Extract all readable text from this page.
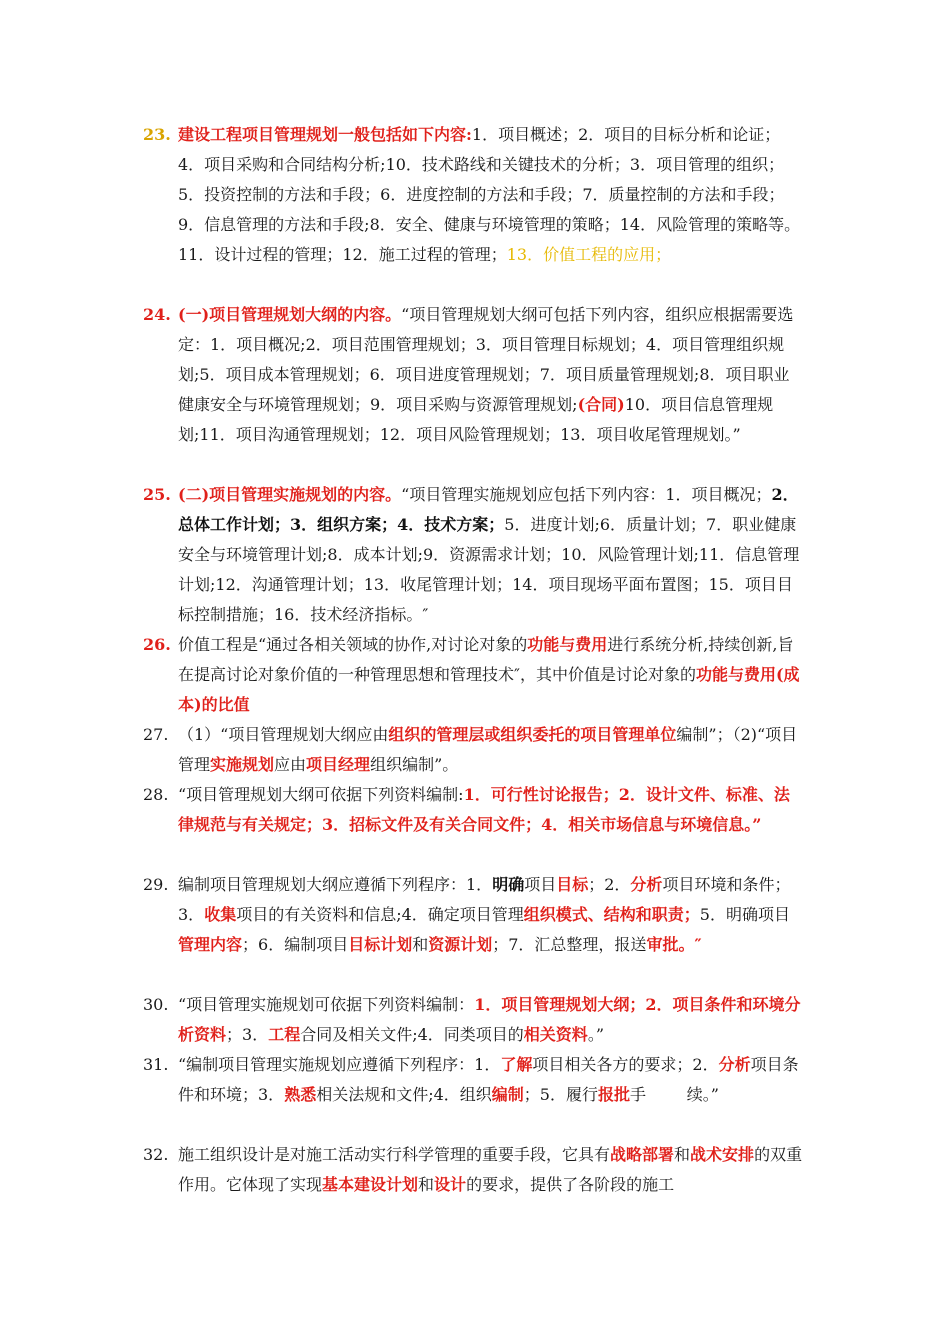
23. 建设工程项目管理规划一般包括如下内容:1．项目概述；2．项目的目标分析和论证；4．项目采购和合同结构分析;10．技术路线和关键技术的分析；3．项目管理的组织；5．投资控制的方法和手段；6．进度控制的方法和手段；7．质量控制的方法和手段；9．信息管理的方法和手段;8．安全、健康与环境管理的策略；14．风险管理的策略等。11．设计过程的管理；12．施工过程的管理；13．价值工程的应用；
24. (一)项目管理规划大纲的内容。“项目管理规划大纲可包括下列内容，组织应根据需要选定：1．项目概况;2．项目范围管理规划；3．项目管理目标规划；4．项目管理组织规划;5．项目成本管理规划；6．项目进度管理规划；7．项目质量管理规划;8．项目职业健康安全与环境管理规划；9．项目采购与资源管理规划;(合同)10．项目信息管理规划;11．项目沟通管理规划；12．项目风险管理规划；13．项目收尾管理规划。”
25. (二)项目管理实施规划的内容。“项目管理实施规划应包括下列内容：1．项目概况；2．总体工作计划；3．组织方案；4．技术方案；5．进度计划;6．质量计划；7．职业健康安全与环境管理计划;8．成本计划;9．资源需求计划；10．风险管理计划;11．信息管理计划;12．沟通管理计划；13．收尾管理计划；14．项目现场平面布置图；15．项目目标控制措施；16．技术经济指标。″
26. 价值工程是“通过各相关领域的协作,对讨论对象的功能与费用进行系统分析,持续创新,旨在提高讨论对象价值的一种管理思想和管理技术″，其中价值是讨论对象的功能与费用(成本)的比值
27. （1）“项目管理规划大纲应由组织的管理层或组织委托的项目管理单位编制”；（2)“项目管理实施规划应由项目经理组织编制”。
28. “项目管理规划大纲可依据下列资料编制:1．可行性讨论报告；2．设计文件、标准、法律规范与有关规定；3．招标文件及有关合同文件；4．相关市场信息与环境信息。”
29. 编制项目管理规划大纲应遵循下列程序：1．明确项目目标；2．分析项目环境和条件；3．收集项目的有关资料和信息;4．确定项目管理组织模式、结构和职责；5．明确项目管理内容；6．编制项目目标计划和资源计划；7．汇总整理，报送审批。″
30. “项目管理实施规划可依据下列资料编制：1．项目管理规划大纲；2．项目条件和环境分析资料；3．工程合同及相关文件;4．同类项目的相关资料。”
31. “编制项目管理实施规划应遵循下列程序：1．了解项目相关各方的要求；2．分析项目条件和环境；3．熟悉相关法规和文件;4．组织编制；5．履行报批手        续。”
32. 施工组织设计是对施工活动实行科学管理的重要手段，它具有战略部署和战术安排的双重作用。它体现了实现基本建设计划和设计的要求，提供了各阶段的施工
